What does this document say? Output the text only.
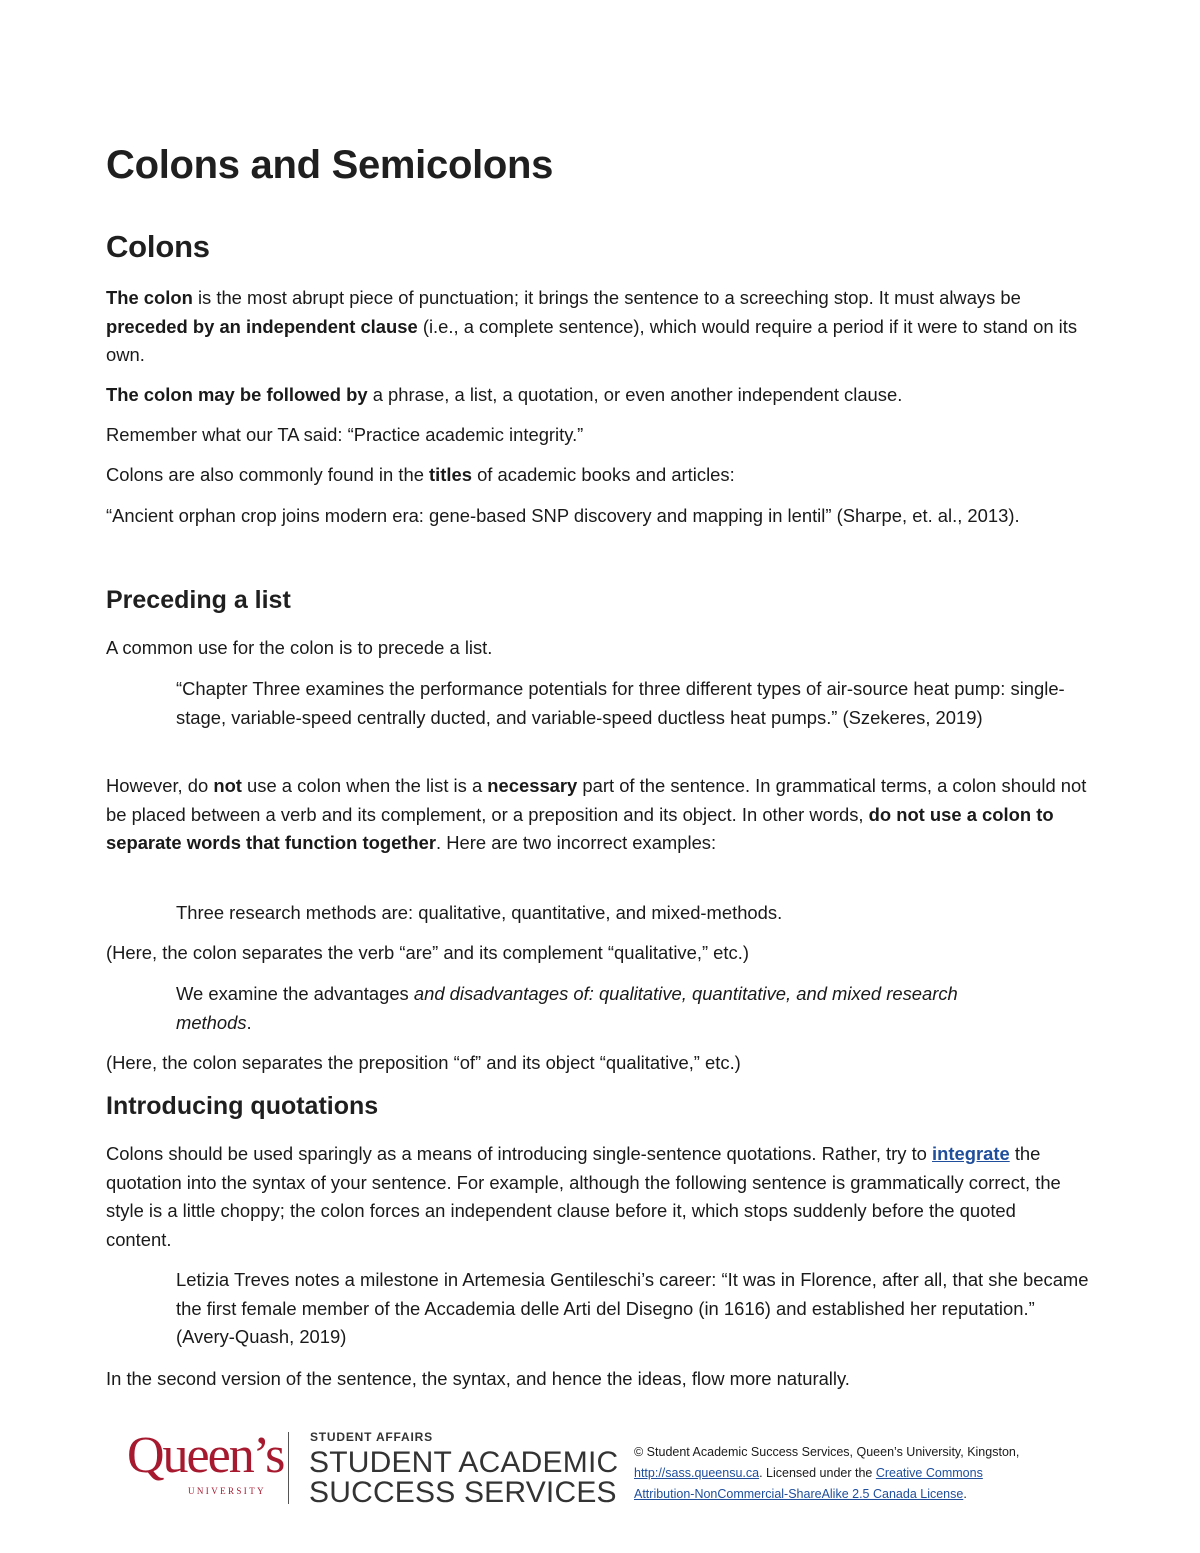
Colons and Semicolons
Colons

The colon is the most abrupt piece of punctuation; it brings the sentence to a screeching stop. It must always be preceded by an independent clause (i.e., a complete sentence), which would require a period if it were to stand on its own.

The colon may be followed by a phrase, a list, a quotation, or even another independent clause.

Remember what our TA said: “Practice academic integrity.”

Colons are also commonly found in the titles of academic books and articles:

“Ancient orphan crop joins modern era: gene-based SNP discovery and mapping in lentil” (Sharpe, et. al., 2013).

Preceding a list

A common use for the colon is to precede a list.

“Chapter Three examines the performance potentials for three different types of air-source heat pump: single-stage, variable-speed centrally ducted, and variable-speed ductless heat pumps.” (Szekeres, 2019)

However, do not use a colon when the list is a necessary part of the sentence. In grammatical terms, a colon should not be placed between a verb and its complement, or a preposition and its object. In other words, do not use a colon to separate words that function together. Here are two incorrect examples:

Three research methods are: qualitative, quantitative, and mixed-methods.

(Here, the colon separates the verb “are” and its complement “qualitative,” etc.)

We examine the advantages and disadvantages of: qualitative, quantitative, and mixed research methods.

(Here, the colon separates the preposition “of” and its object “qualitative,” etc.)

Introducing quotations

Colons should be used sparingly as a means of introducing single-sentence quotations. Rather, try to integrate the quotation into the syntax of your sentence. For example, although the following sentence is grammatically correct, the style is a little choppy; the colon forces an independent clause before it, which stops suddenly before the quoted content.

Letizia Treves notes a milestone in Artemesia Gentileschi’s career: “It was in Florence, after all, that she became the first female member of the Accademia delle Arti del Disegno (in 1616) and established her reputation.” (Avery-Quash, 2019)

In the second version of the sentence, the syntax, and hence the ideas, flow more naturally.

Queen’s
UNIVERSITY
STUDENT AFFAIRS
STUDENT ACADEMIC
SUCCESS SERVICES
© Student Academic Success Services, Queen’s University, Kingston,
http://sass.queensu.ca. Licensed under the Creative Commons
Attribution-NonCommercial-ShareAlike 2.5 Canada License.
